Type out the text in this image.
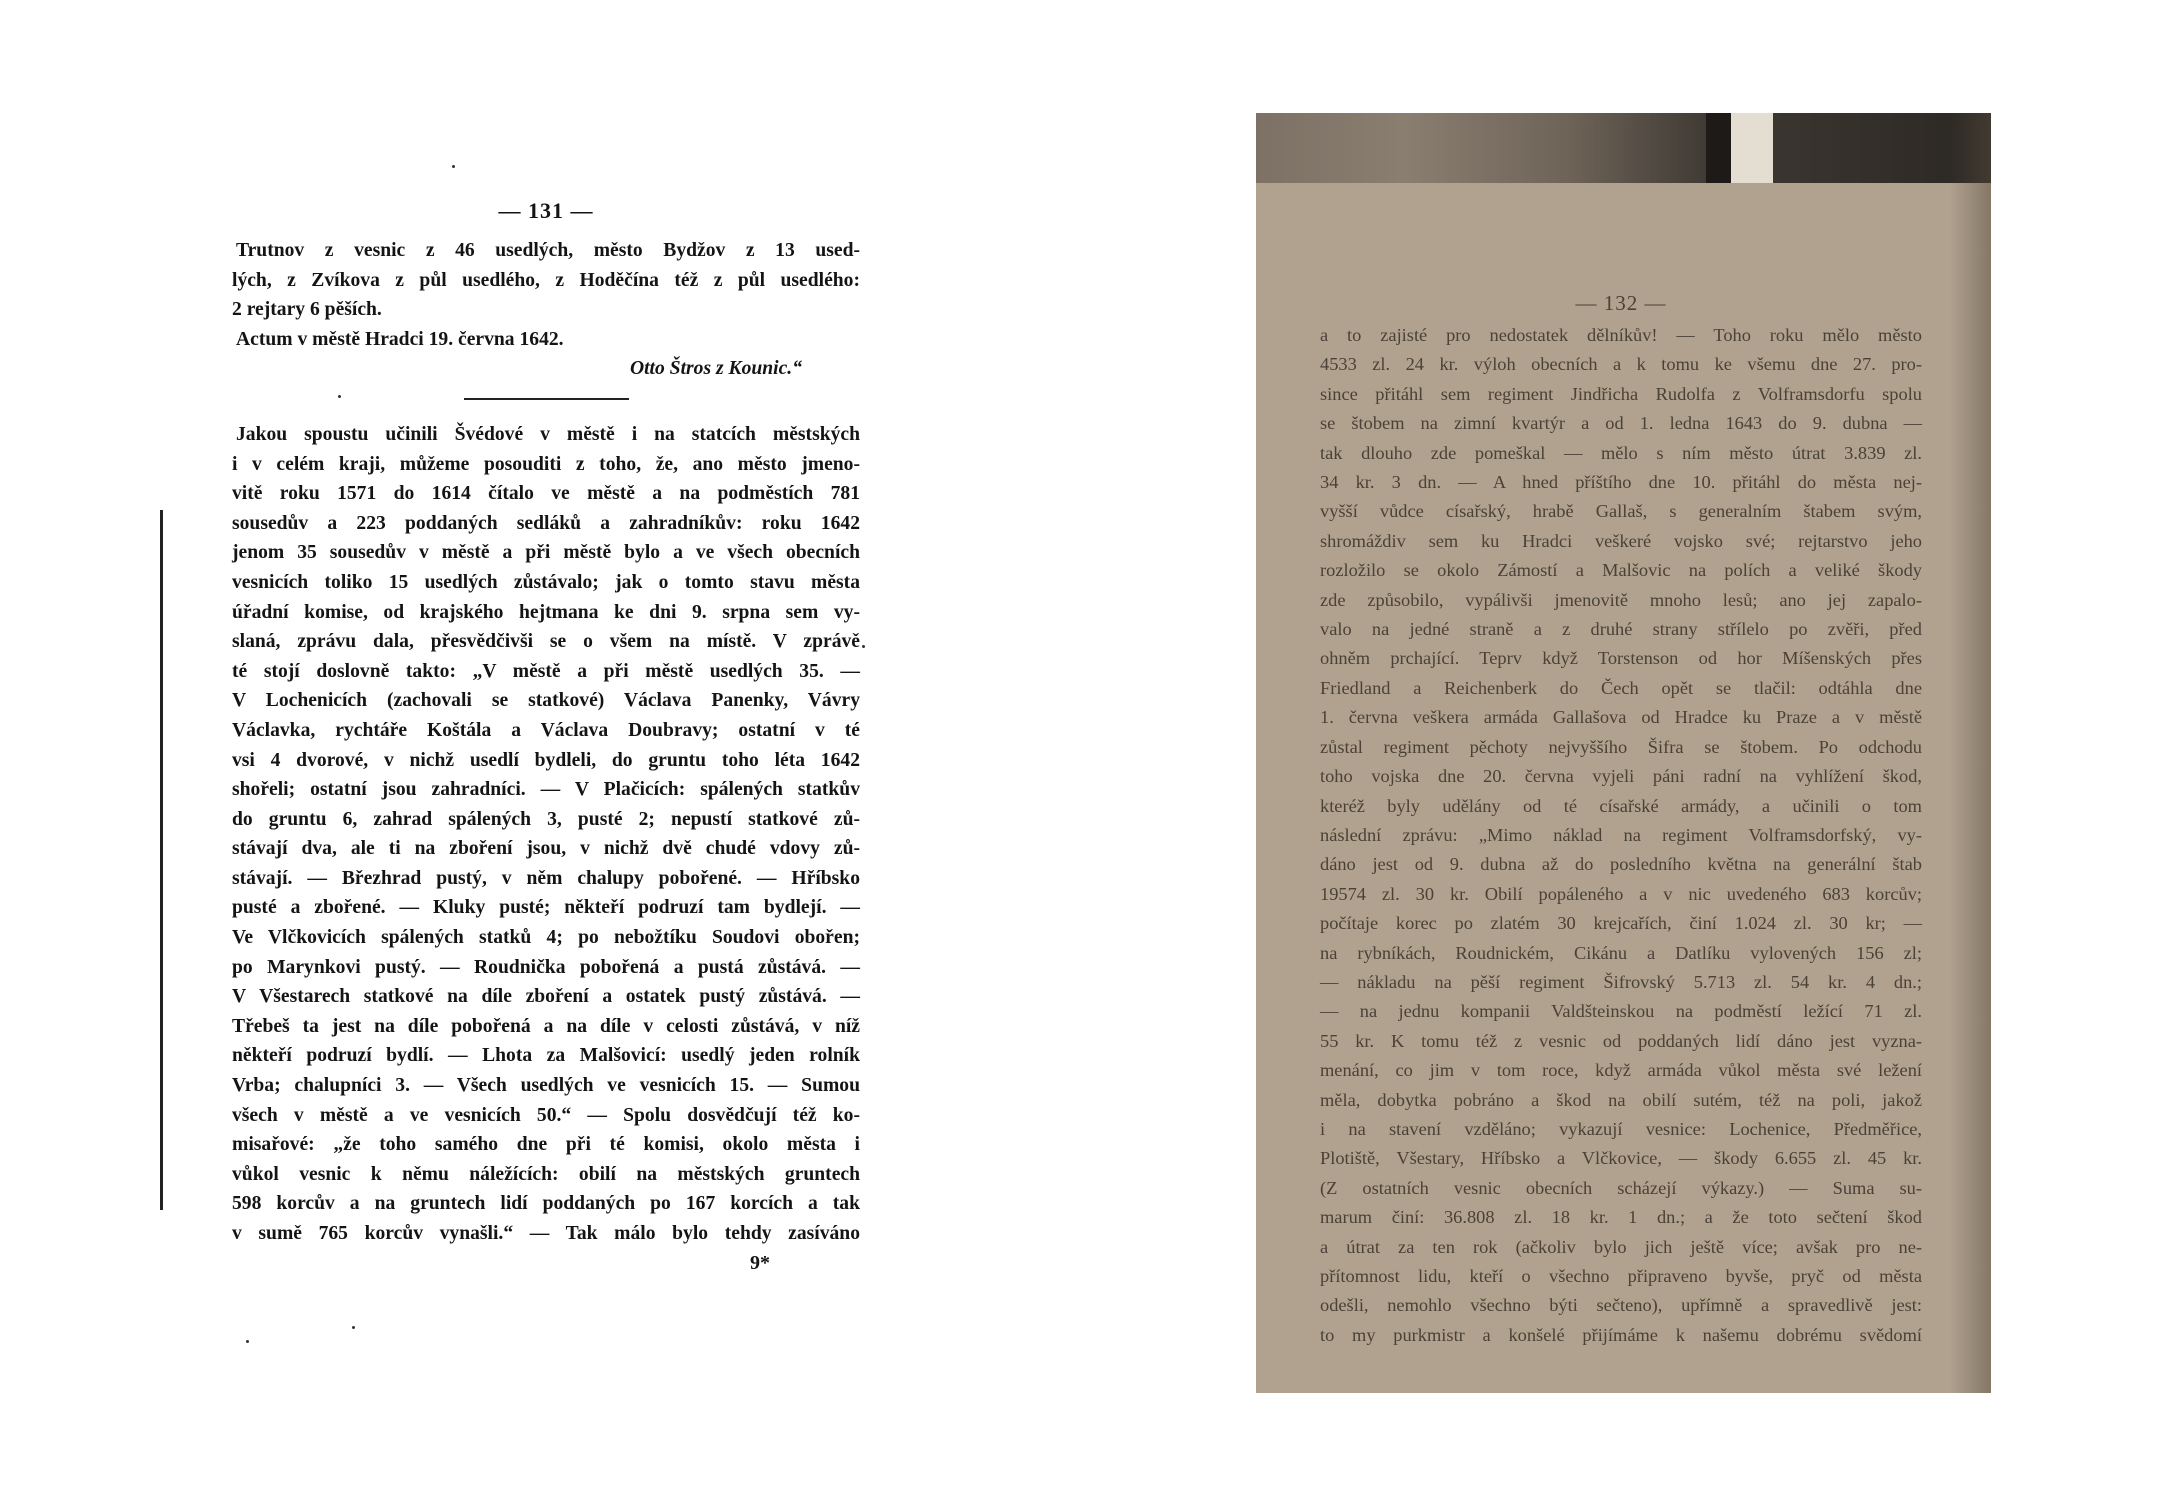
— 131 —

Trutnov z vesnic z 46 usedlých, město Bydžov z 13 used-

lých, z Zvíkova z půl usedlého, z Hoděčína též z půl usedlého:

2 rejtary 6 pěších.

Actum v městě Hradci 19. června 1642.

Otto Štros z Kounic.“

Jakou spoustu učinili Švédové v městě i na statcích městských

i v celém kraji, můžeme posouditi z toho, že, ano město jmeno-

vitě roku 1571 do 1614 čítalo ve městě a na podměstích 781

sousedův a 223 poddaných sedláků a zahradníkův: roku 1642

jenom 35 sousedův v městě a při městě bylo a ve všech obecních

vesnicích toliko 15 usedlých zůstávalo; jak o tomto stavu města

úřadní komise, od krajského hejtmana ke dni 9. srpna sem vy-

slaná, zprávu dala, přesvědčivši se o všem na místě. V zprávě

té stojí doslovně takto: „V městě a při městě usedlých 35. —

V Lochenicích (zachovali se statkové) Václava Panenky, Vávry

Václavka, rychtáře Koštála a Václava Doubravy; ostatní v té

vsi 4 dvorové, v nichž usedlí bydleli, do gruntu toho léta 1642

shořeli; ostatní jsou zahradníci. — V Plačicích: spálených statkův

do gruntu 6, zahrad spálených 3, pusté 2; nepustí statkové zů-

stávají dva, ale ti na zboření jsou, v nichž dvě chudé vdovy zů-

stávají. — Březhrad pustý, v něm chalupy pobořené. — Hříbsko

pusté a zbořené. — Kluky pusté; někteří podruzí tam bydlejí. —

Ve Vlčkovicích spálených statků 4; po nebožtíku Soudovi obořen;

po Marynkovi pustý. — Roudnička pobořená a pustá zůstává. —

V Všestarech statkové na díle zboření a ostatek pustý zůstává. —

Třebeš ta jest na díle pobořená a na díle v celosti zůstává, v níž

někteří podruzí bydlí. — Lhota za Malšovicí: usedlý jeden rolník

Vrba; chalupníci 3. — Všech usedlých ve vesnicích 15. — Sumou

všech v městě a ve vesnicích 50.“ — Spolu dosvědčují též ko-

misařové: „že toho samého dne při té komisi, okolo města i

vůkol vesnic k němu náležících: obilí na městských gruntech

598 korcův a na gruntech lidí poddaných po 167 korcích a tak

v sumě 765 korcův vynašli.“ — Tak málo bylo tehdy zasíváno

9*

— 132 —

a to zajisté pro nedostatek dělníkův! — Toho roku mělo město

4533 zl. 24 kr. výloh obecních a k tomu ke všemu dne 27. pro-

since přitáhl sem regiment Jindřicha Rudolfa z Volframsdorfu spolu

se štobem na zimní kvartýr a od 1. ledna 1643 do 9. dubna —

tak dlouho zde pomeškal — mělo s ním město útrat 3.839 zl.

34 kr. 3 dn. — A hned příštího dne 10. přitáhl do města nej-

vyšší vůdce císařský, hrabě Gallaš, s generalním štabem svým,

shromáždiv sem ku Hradci veškeré vojsko své; rejtarstvo jeho

rozložilo se okolo Zámostí a Malšovic na polích a veliké škody

zde způsobilo, vypálivši jmenovitě mnoho lesů; ano jej zapalo-

valo na jedné straně a z druhé strany střílelo po zvěři, před

ohněm prchající. Teprv když Torstenson od hor Míšenských přes

Friedland a Reichenberk do Čech opět se tlačil: odtáhla dne

1. června veškera armáda Gallašova od Hradce ku Praze a v městě

zůstal regiment pěchoty nejvyššího Šifra se štobem. Po odchodu

toho vojska dne 20. června vyjeli páni radní na vyhlížení škod,

kteréž byly udělány od té císařské armády, a učinili o tom

následní zprávu: „Mimo náklad na regiment Volframsdorfský, vy-

dáno jest od 9. dubna až do posledního května na generální štab

19574 zl. 30 kr. Obilí popáleného a v nic uvedeného 683 korcův;

počítaje korec po zlatém 30 krejcařích, činí 1.024 zl. 30 kr; —

na rybníkách, Roudnickém, Cikánu a Datlíku vylovených 156 zl;

— nákladu na pěší regiment Šifrovský 5.713 zl. 54 kr. 4 dn.;

— na jednu kompanii Valdšteinskou na podměstí ležící 71 zl.

55 kr. K tomu též z vesnic od poddaných lidí dáno jest vyzna-

menání, co jim v tom roce, když armáda vůkol města své ležení

měla, dobytka pobráno a škod na obilí sutém, též na poli, jakož

i na stavení vzděláno; vykazují vesnice: Lochenice, Předměřice,

Plotiště, Všestary, Hříbsko a Vlčkovice, — škody 6.655 zl. 45 kr.

(Z ostatních vesnic obecních scházejí výkazy.) — Suma su-

marum činí: 36.808 zl. 18 kr. 1 dn.; a že toto sečtení škod

a útrat za ten rok (ačkoliv bylo jich ještě více; avšak pro ne-

přítomnost lidu, kteří o všechno připraveno byvše, pryč od města

odešli, nemohlo všechno býti sečteno), upřímně a spravedlivě jest:

to my purkmistr a konšelé přijímáme k našemu dobrému svědomí
